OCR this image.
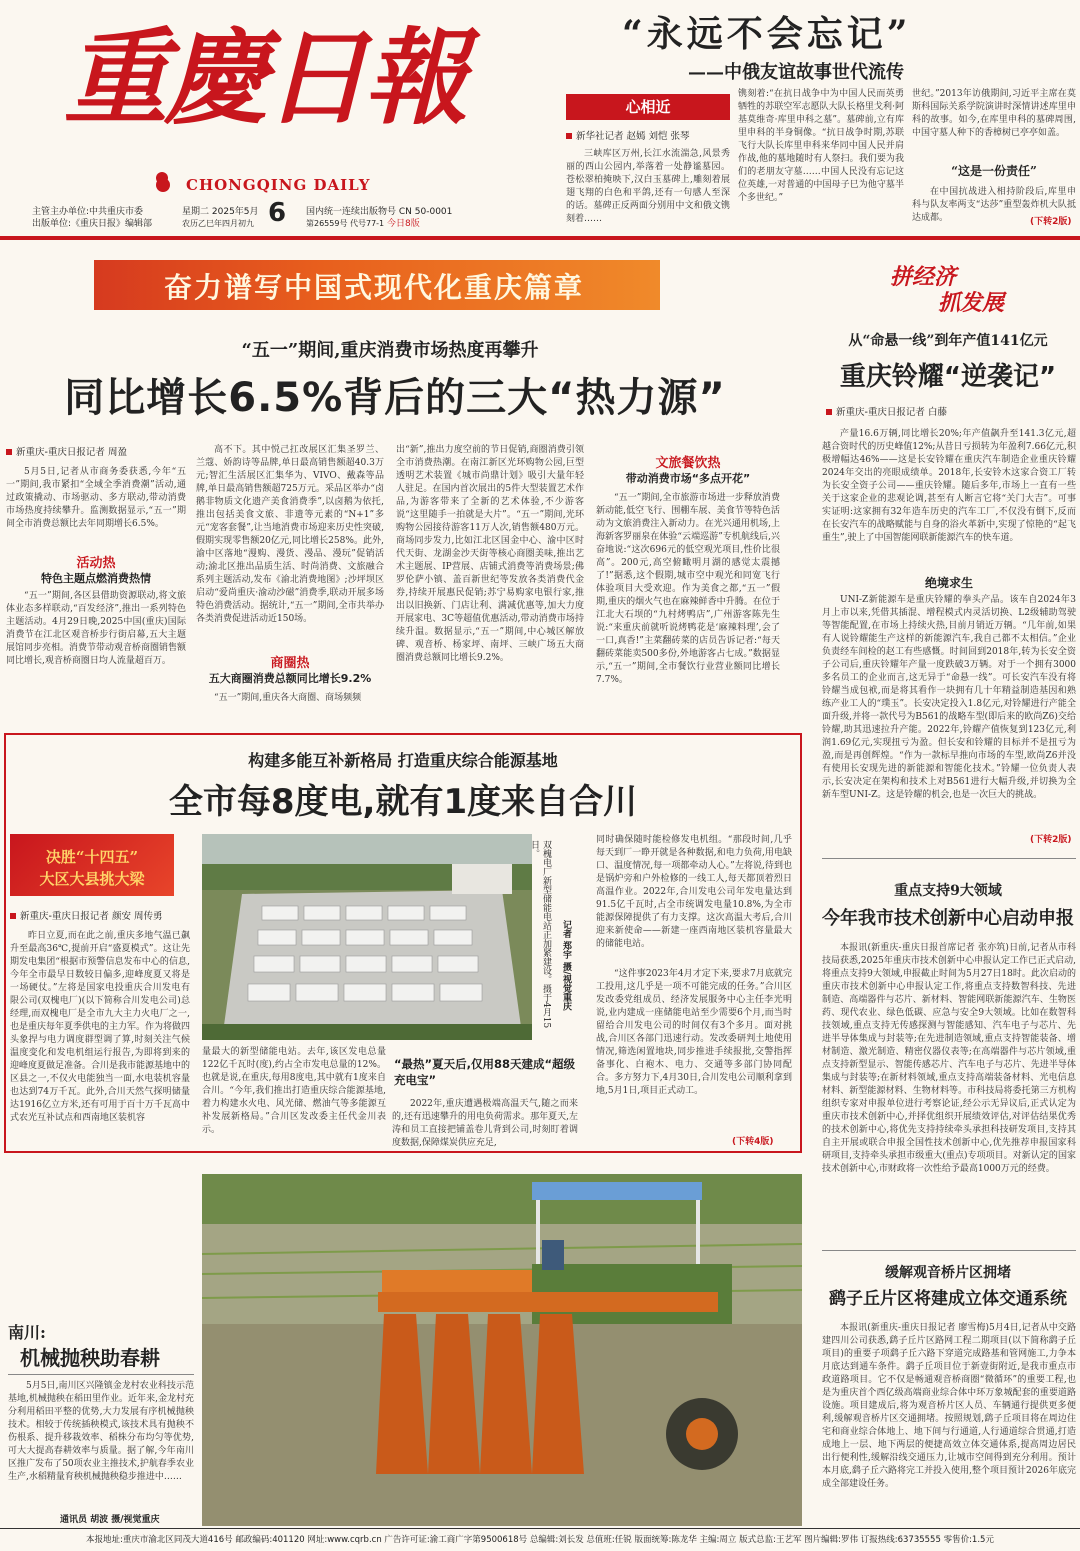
重慶日報
CHONGQING DAILY
主管主办单位:中共重庆市委
出版单位:《重庆日报》编辑部
星期二 2025年5月
农历乙巳年四月初九 6 国内统一连续出版物号 CN 50-0001
第26559号 代号77-1 今日8版
“永远不会忘记”
——中俄友谊故事世代流传
心相近
新华社记者 赵嫣 刘恺 张琴
三峡库区万州,长江水流湍急,风景秀丽的西山公园内,举落着一处静谧墓园。苍松翠柏掩映下,汉白玉墓碑上,雕刻着展翅飞翔的白色和平鸽,还有一句感人至深的话。墓碑正反两面分别用中文和俄文镌刻着……
镌刻着:“在抗日战争中为中国人民而英勇牺牲的苏联空军志愿队大队长格里戈利·阿基莫维奇·库里申科之墓”。墓碑前,立有库里申科的半身铜像。“抗日战争时期,苏联飞行大队长库里申科来华同中国人民并肩作战,他的墓地随时有人祭扫。我们要为我们的老朋友守墓……中国人民没有忘记这位英雄,一对普通的中国母子巳为他守墓半个多世纪。”
世纪。”2013年访俄期间,习近平主席在莫斯科国际关系学院演讲时深情讲述库里申科的故事。如今,在库里申科的墓碑周围,中国守墓人种下的香樟树已亭亭如盖。
“这是一份责任”
在中国抗战进入相持阶段后,库里申科与队友率两支“达莎”重型轰炸机大队抵达成都。	(下转2版)
奋力谱写中国式现代化重庆篇章	拼经济
抓发展
“五一”期间,重庆消费市场热度再攀升
同比增长6.5%背后的三大“热力源”
新重庆-重庆日报记者 周盈
5月5日,记者从市商务委获悉,今年“五一”期间,我市紧扣“全域全季消费潮”活动,通过政策撬动、市场驱动、多方联动,带动消费市场热度持续攀升。监测数据显示,“五一”期间全市消费总额比去年同期增长6.5%。
活动热
特色主题点燃消费热情
“五一”期间,各区县借助资源联动,将文旅体业态多样联动,“百发经济”,推出一系列特色主题活动。4月29日晚,2025中国(重庆)国际消费节在江北区观音桥步行街启幕,五大主题展馆同步亮相。消费节带动观音桥商圈销售额同比增长,观音桥商圈日均人流量超百万。
高不下。其中悦己扛改展区汇集圣罗兰、兰蔻、娇韵诗等品牌,单日最高销售额超40.3万元;智汇生活展区汇集华为、VIVO、戴森等品牌,单日最高销售额超725万元。采品区举办“卤鹅非物质文化遗产美食消费季”,以卤鹅为依托,推出包括美食文旅、非遗等元素的“N+1”多元“宠客套餐”,让当地消费市场迎来历史性突破,假期实现零售额20亿元,同比增长258%。此外,渝中区落地“漫购、漫货、漫品、漫玩”促销活动;渝北区推出品质生活、时尚消费、文旅融合系列主题活动,发布《渝北消费地图》;沙坪坝区启动“爱尚重庆·渝动沙磁”消费季,联动开展多场特色消费活动。据统计,“五一”期间,全市共举办各类消费促进活动近150场。
商圈热
五大商圈消费总额同比增长9.2%
“五一”期间,重庆各大商圈、商场频频
出“新”,推出力度空前的节日促销,商圈消费引领全市消费热潮。在南江新区光环购物公园,巨型透明艺术装置《城市尚鼎计划》吸引大量年轻人驻足。在国内首次展出的5件大型装置艺术作品,为游客带来了全新的艺术体验,不少游客说“这里随手一拍就是大片”。“五一”期间,光环购物公园接待游客11万人次,销售额480万元。商场同步发力,比如江北区国金中心、渝中区时代天街、龙湖金沙天街等核心商圈美味,推出艺术主题展、IP营展、店铺式消费等消费场景;佛罗伦萨小镇、盖百新世纪等发放各类消费代金券,持续开展惠民促销;苏宁易购家电银行家,推出以旧换新、门店让利、满减优惠等,加大力度开展家电、3C等超值优惠活动,带动消费市场持续升温。数据显示,“五一”期间,中心城区解放碑、观音桥、杨家坪、南坪、三峡广场五大商圈消费总额同比增长9.2%。
文旅餐饮热
带动消费市场“多点开花”
“五一”期间,全市旅游市场进一步释放消费新动能,低空飞行、围棚车展、美食节等特色活动为文旅消费注入新动力。在光兴通用机场,上海新客罗丽泉在体验“云端巡游”专机航线后,兴奋地说:“这次696元的低空观光项目,性价比很高”。200元,高空俯瞰明月湖的感觉太震撼了!”据悉,这个假期,城市空中观光和同宽飞行体验项目大受欢迎。作为美食之都,“五一”假期,重庆的烟火气也在麻辣鲜香中升腾。在位于江北大石坝的“九村烤鸭店”,广州游客陈先生说:“来重庆前就听说烤鸭花是‘麻辣料理’,会了一口,真香!”主菜翻砖菜的店员告诉记者:“每天翻砖菜能卖500多份,外地游客占七成。”数据显示,“五一”期间,全市餐饮行业营业额同比增长7.7%。
构建多能互补新格局 打造重庆综合能源基地
全市每8度电,就有1度来自合川
决胜“十四五”
大区大县挑大梁
新重庆-重庆日报记者 颜安 周传勇
昨日立夏,而在此之前,重庆多地气温已飙升至最高36℃,提前开启“盛夏模式”。这让先期发电集团“根据市预警信息发布中心的信息,今年全市最早日数较日偏多,迎峰度夏又将是一场硬仗。”左将是国家电投重庆合川发电有限公司(双槐电厂)(以下简称合川发电公司)总经理,而双槐电厂是全市九大主力火电厂之一,也是重庆每年夏季供电的主力军。作为将做四头象捍与电力调度群型调了算,时刻关注气候温度变化和发电机组运行报告,为即将到来的迎峰度夏做足准备。合川是我市能源基地中的区县之一,不仅火电能独当一面,水电装机容量也达到74万千瓦。此外,合川天然气探明储量达1916亿立方米,还有可用于百十万千瓦高中式农光互补试点和西南地区装机容
双槐电厂新型储能电站正加紧建设。摄于4月15日。
记者 郑宇 摄/视觉重庆
量最大的新型储能电站。去年,该区发电总量122亿千瓦时(度),约占全市发电总量的12%。也就是说,在重庆,每用8度电,其中就有1度来自合川。“今年,我们推出打造重庆综合能源基地,着力构建水火电、风光储、燃油气等多能源互补发展新格局。”合川区发改委主任代金川表示。
2022年,重庆遭遇极端高温天气,随之而来的,还有迅速攀升的用电负荷需求。那年夏天,左涛和员工直接把铺盖卷儿背到公司,时刻盯着调度数据,保障煤炭供应充足,
“最热”夏天后,仅用88天建成“超级充电宝”
同时确保随时能检修发电机组。“那段时间,几乎每天到厂一睁开就是各种数据,和电力负荷,用电缺口、温度情况,每一项都牵动人心。”左将说,待到也是锅炉旁和户外检修的一线工人,每天都顶着烈日高温作业。2022年,合川发电公司年发电量达到91.5亿千瓦时,占全市统调发电量10.8%,为全市能源保障提供了有力支撑。这次高温大考后,合川迎来新使命——新建一座西南地区装机容量最大的储能电站。
“这件事2023年4月才定下来,要求7月底就完工投用,这几乎是一项不可能完成的任务。”合川区发改委党组成员、经济发展服务中心主任李光明说,业内建成一座储能电站至少需要6个月,而当时留给合川发电公司的时间仅有3个多月。面对挑战,合川区各部门迅速行动。发改委研判土地使用情况,筛选闲置地块,同步推进手续报批,交警指挥备事化、白袍木、电力、交通等多部门协同配合。多方努力下,4月30日,合川发电公司顺利拿到地,5月1日,项目正式动工。
(下转4版)
南川:
机械抛秧助春耕
5月5日,南川区兴隆镇金龙村农业科技示范基地,机械抛秧在稻田里作业。近年来,金龙村充分利用稻田平整的优势,大力发展有序机械抛秧技术。相较于传统插秧模式,该技术具有抛秧不伤根系、提升移栽效率、稻株分布均匀等优势,可大大提高春耕效率与质量。据了解,今年南川区推广发布了50项农业主推技术,护航春季农业生产,水稻精量育秧机械抛秧稳步推进中……
通讯员 胡波 摄/视觉重庆
从“命悬一线”到年产值141亿元
重庆铃耀“逆袭记”
新重庆-重庆日报记者 白藤
产量16.6万辆,同比增长20%;年产值飙升至141.3亿元,超越合资时代的历史峰值12%;从昔日亏损转为年盈利7.66亿元,积极增幅达46%——这是长安铃耀在重庆汽车制造企业重庆铃耀2024年交出的亮眼成绩单。2018年,长安铃木这家合资工厂转为长安全资子公司——重庆铃耀。随后多年,市场上一直有一些关于这家企业的悲观论调,甚至有人断言它将“关门大吉”。可事实证明:这家拥有32年造车历史的汽车工厂,不仅没有倒下,反而在长安汽车的战略赋能与自身的浴火革新中,实现了惊艳的“起飞重生”,驶上了中国智能网联新能源汽车的快车道。
绝境求生
UNI-Z新能源车是重庆铃耀的拳头产品。该车自2024年3月上市以来,凭借其插混、增程模式内灵活切换、L2级辅助驾驶等智能配置,在市场上持续火热,目前月销近万辆。“几年前,如果有人说铃耀能生产这样的新能源汽车,我自己都不太相信。”企业负责经车间检的赵工有些感慨。时间回到2018年,转为长安全资子公司后,重庆铃耀年产量一度跌破3万辆。对于一个拥有3000多名员工的企业而言,这无异于“命悬一线”。可长安汽车没有将铃耀当成包袱,而是将其看作一块拥有几十年精益制造基因和熟练产业工人的“璞玉”。长安决定投入1.8亿元,对铃耀进行产能全面升级,并将一款代号为B561的战略车型(即后来的欧尚Z6)交给铃耀,助其迅速拉升产能。2022年,铃耀产值恢复到123亿元,利润1.69亿元,实现扭亏为盈。但长安和铃耀的目标并不是扭亏为盈,而是再创辉煌。“作为一款标早推向市场的车型,欧尚Z6并没有使用长安现先进的新能源和智能化技术。”铃耀一位负责人表示,长安决定在架构和技术上对B561进行大幅升级,并切换为全新车型UNI-Z。这是铃耀的机会,也是一次巨大的挑战。
(下转2版)
重点支持9大领域
今年我市技术创新中心启动申报
本报讯(新重庆-重庆日报首席记者 张亦筑)日前,记者从市科技局获悉,2025年重庆市技术创新中心申报认定工作已正式启动,将重点支持9大领域,申报截止时间为5月27日18时。此次启动的重庆市技术创新中心申报认定工作,将重点支持数智科技、先进制造、高端器件与芯片、新材料、智能网联新能源汽车、生物医药、现代农业、绿色低碳、应急与安全9大领域。比如在数智科技领域,重点支持无传感探测与智能感知、汽车电子与芯片、先进半导体集成与封装等;在先进制造领域,重点支持智能装备、增材制造、激光制造、精密仪器仪表等;在高端器件与芯片领域,重点支持新型显示、智能传感芯片、汽车电子与芯片、先进半导体集成与封装等;在新材料领域,重点支持高端装备材料、光电信息材料、新型能源材料、生物材料等。市科技局将委托第三方机构组织专家对申报单位进行考察论证,经公示无异议后,正式认定为重庆市技术创新中心,并择优组织开展绩效评估,对评估结果优秀的技术创新中心,将优先支持持续牵头承担科技研发项目,支持其自主开展或联合申报全国性技术创新中心,优先推荐申报国家科研项目,支持牵头承担市级重大(重点)专项项目。对新认定的国家技术创新中心,市财政将一次性给予最高1000万元的经费。
缓解观音桥片区拥堵
鹞子丘片区将建成立体交通系统
本报讯(新重庆-重庆日报记者 廖雪梅)5月4日,记者从中交路建四川公司获悉,鹞子丘片区路网工程二期项目(以下简称鹞子丘项目)的重要子项鹞子丘六路下穿道完成路基和管网施工,力争本月底达到通车条件。鹞子丘项目位于新壹街附近,是我市重点市政道路项目。它不仅是畅通观音桥商圈“微循环”的重要工程,也是为重庆首个西亿级高端商业综合体中环万象城配套的重要道路设施。项目建成后,将为观音桥片区人员、车辆通行提供更多便利,缓解观音桥片区交通拥堵。按照规划,鹞子丘项目将在周边住宅和商业综合体地上、地下间与行通道,人行通道综合贯通,打造成地上一层、地下两层的便捷高效立体交通体系,提高周边居民出行便利性,缓解沿线交通压力,让城市空间得到充分利用。预计本月底,鹞子丘六路将完工并投入使用,整个项目预计2026年底完成全部建设任务。
本报地址:重庆市渝北区同茂大道416号 邮政编码:401120 网址:www.cqrb.cn 广告许可证:渝工商广字第9500618号 总编辑:刘长发 总值班:任锐 版面统筹:陈龙华 主编:周立 版式总监:王艺军 图片编辑:罗伟 订报热线:63735555 零售价:1.5元
